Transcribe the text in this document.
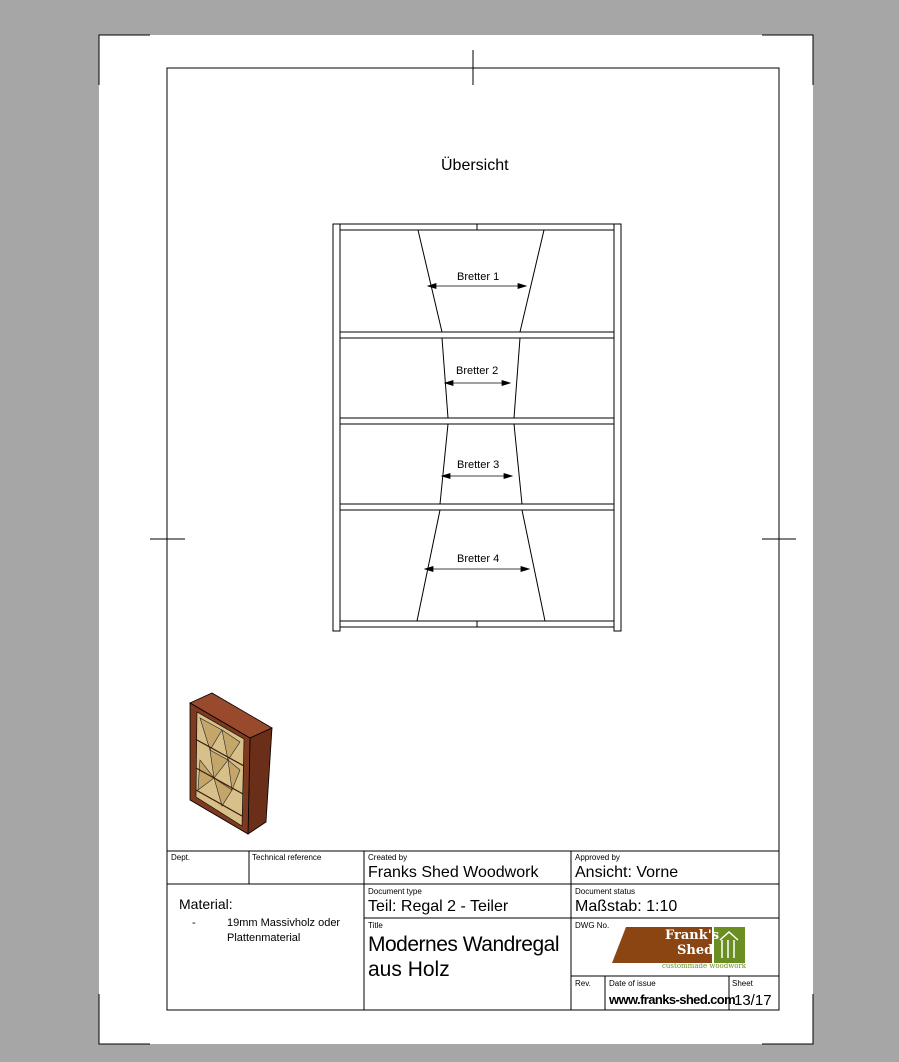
Übersicht
Bretter 1
Bretter 2
Bretter 3
Bretter 4
Dept.	Technical reference	Created by
Franks Shed Woodwork
Approved by
Ansicht: Vorne
Material:
-	19mm Massivholz oder
Plattenmaterial
Document type
Teil: Regal 2 - Teiler
Document status
Maßstab: 1:10
Title
Modernes Wandregal
aus Holz
DWG No.
Frank's
Shed
custommade woodwork
Rev. Date of issue
www.franks-shed.com
Sheet
13/17
